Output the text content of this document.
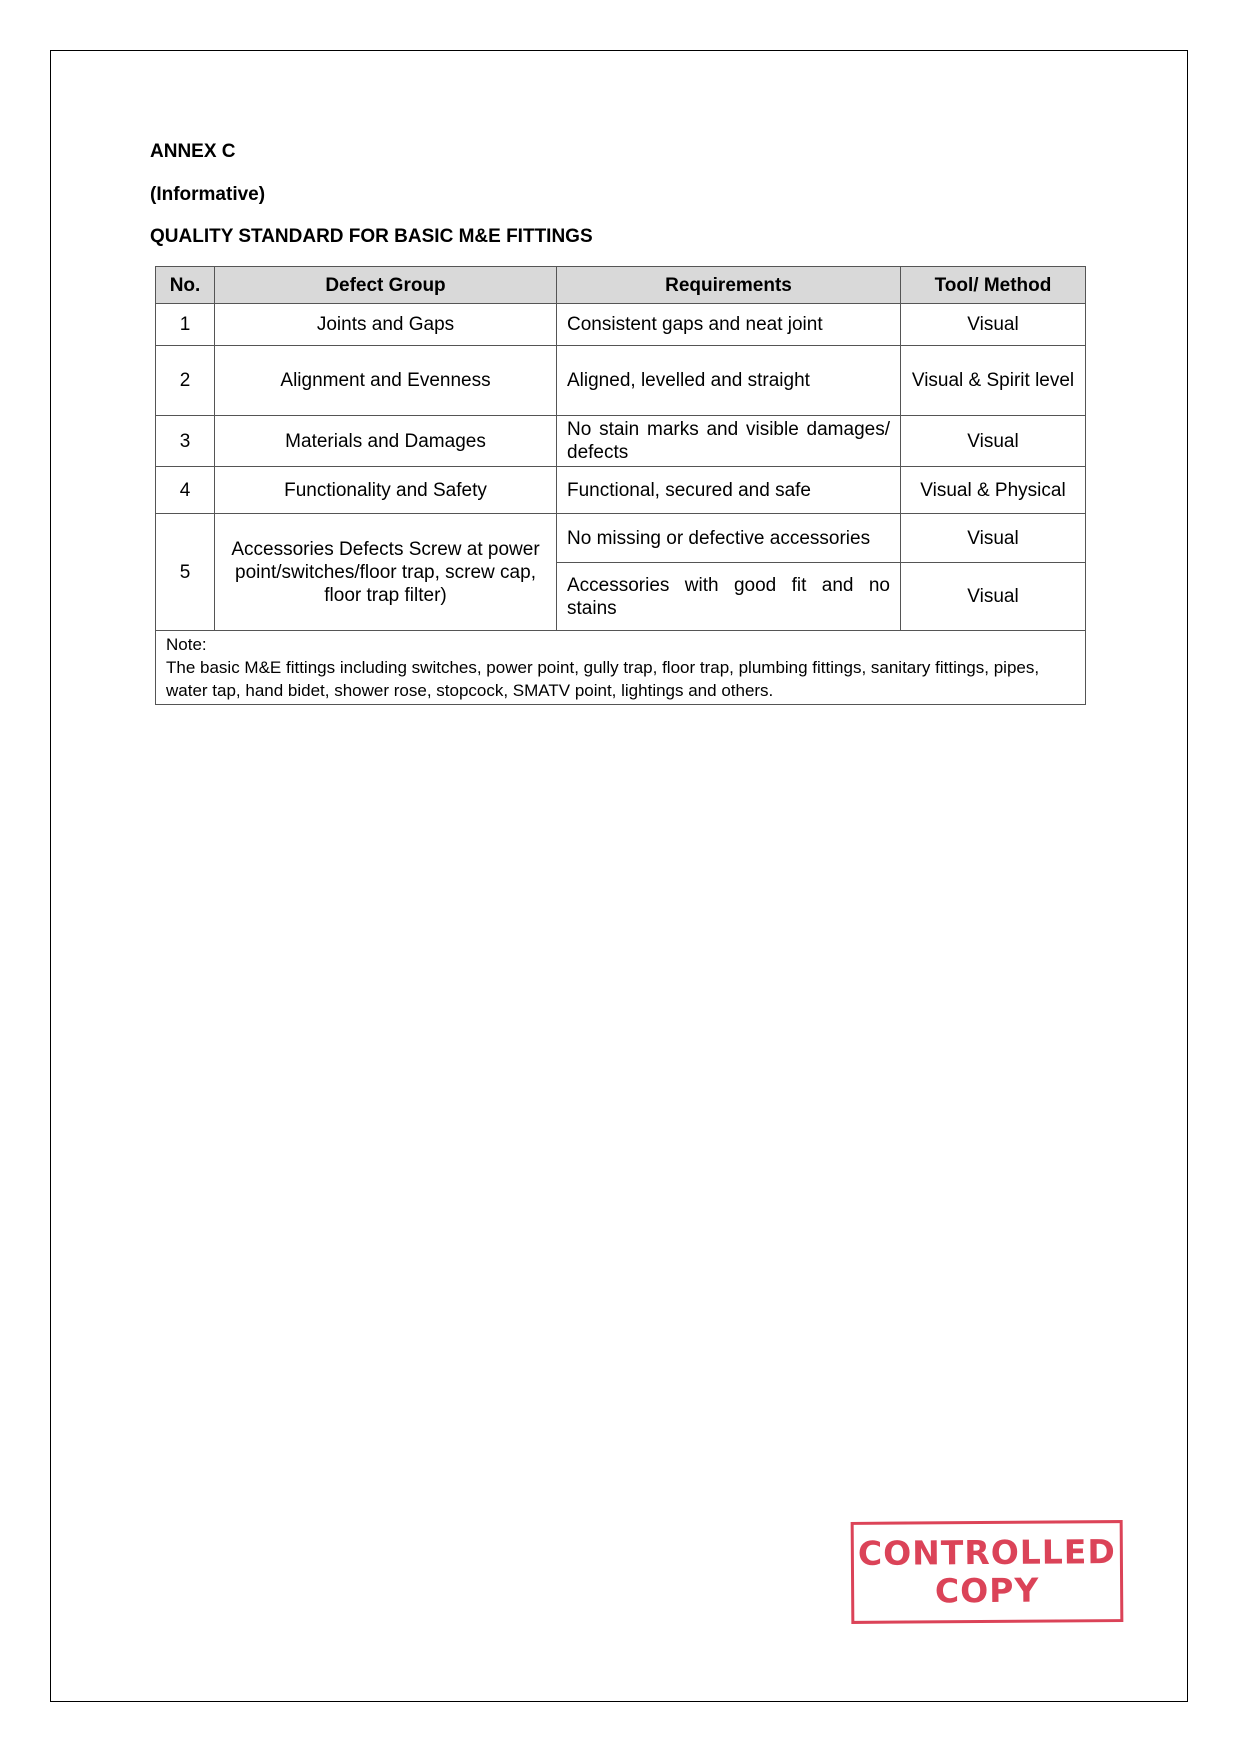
ANNEX C

(Informative)

QUALITY STANDARD FOR BASIC M&E FITTINGS

No.	Defect Group	Requirements	Tool/ Method
1	Joints and Gaps	Consistent gaps and neat joint	Visual
2	Alignment and Evenness	Aligned, levelled and straight	Visual & Spirit level
3	Materials and Damages	No stain marks and visible damages/ defects	Visual
4	Functionality and Safety	Functional, secured and safe	Visual & Physical
5	Accessories Defects Screw at power point/switches/floor trap, screw cap, floor trap filter)	No missing or defective accessories	Visual
		Accessories with good fit and no stains	Visual

Note:
The basic M&E fittings including switches, power point, gully trap, floor trap, plumbing fittings, sanitary fittings, pipes, water tap, hand bidet, shower rose, stopcock, SMATV point, lightings and others.			
CONTROLLED
COPY
